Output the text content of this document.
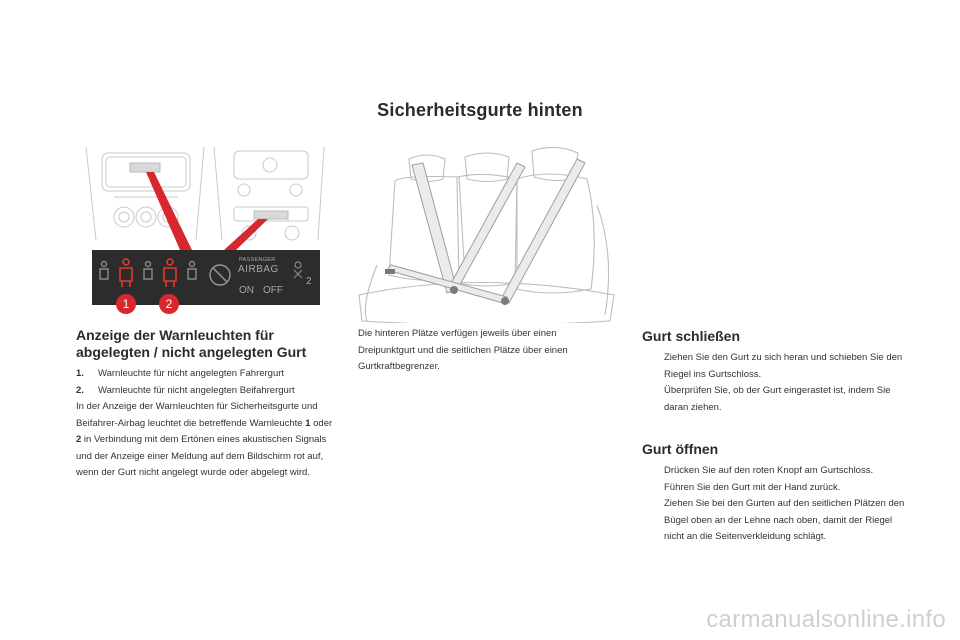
Sicherheitsgurte hinten
PASSENGER
AIRBAG
ON OFF
2
1	2
Anzeige der Warnleuchten für abgelegten / nicht angelegten Gurt
1.	Warnleuchte für nicht angelegten Fahrergurt
2.	Warnleuchte für nicht angelegten Beifahrergurt
In der Anzeige der Warnleuchten für Sicherheitsgurte und Beifahrer-Airbag leuchtet die betreffende Warnleuchte 1 oder 2 in Verbindung mit dem Ertönen eines akustischen Signals und der Anzeige einer Meldung auf dem Bildschirm rot auf, wenn der Gurt nicht angelegt wurde oder abgelegt wird.
Die hinteren Plätze verfügen jeweils über einen Dreipunktgurt und die seitlichen Plätze über einen Gurtkraftbegrenzer.
Gurt schließen
Ziehen Sie den Gurt zu sich heran und schieben Sie den Riegel ins Gurtschloss.
Überprüfen Sie, ob der Gurt eingerastet ist, indem Sie daran ziehen.
Gurt öffnen
Drücken Sie auf den roten Knopf am Gurtschloss.
Führen Sie den Gurt mit der Hand zurück.
Ziehen Sie bei den Gurten auf den seitlichen Plätzen den Bügel oben an der Lehne nach oben, damit der Riegel nicht an die Seitenverkleidung schlägt.
carmanualsonline.info
